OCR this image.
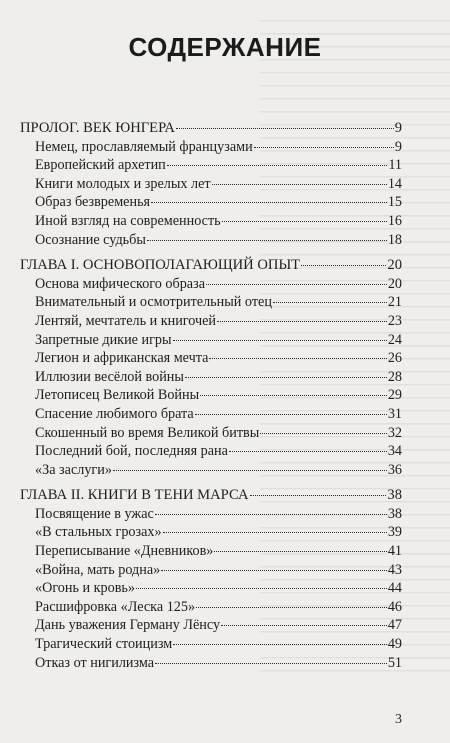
СОДЕРЖАНИЕ
ПРОЛОГ. ВЕК ЮНГЕРА	9
Немец, прославляемый французами	9
Европейский архетип	11
Книги молодых и зрелых лет	14
Образ безвременья	15
Иной взгляд на современность	16
Осознание судьбы	18
ГЛАВА I. ОСНОВОПОЛАГАЮЩИЙ ОПЫТ	20
Основа мифического образа	20
Внимательный и осмотрительный отец	21
Лентяй, мечтатель и книгочей	23
Запретные дикие игры	24
Легион и африканская мечта	26
Иллюзии весёлой войны	28
Летописец Великой Войны	29
Спасение любимого брата	31
Скошенный во время Великой битвы	32
Последний бой, последняя рана	34
«За заслуги»	36
ГЛАВА II. КНИГИ В ТЕНИ МАРСА	38
Посвящение в ужас	38
«В стальных грозах»	39
Переписывание «Дневников»	41
«Война, мать родна»	43
«Огонь и кровь»	44
Расшифровка «Леска 125»	46
Дань уважения Герману Лёнсу	47
Трагический стоицизм	49
Отказ от нигилизма	51
3
